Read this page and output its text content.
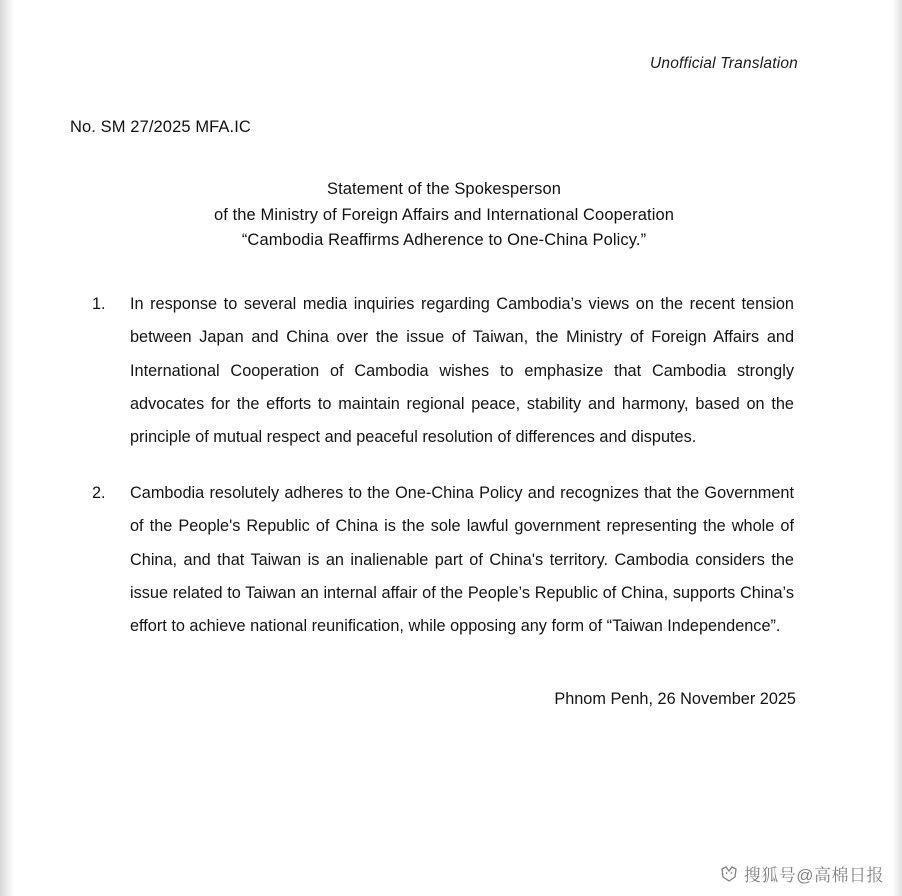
Unofficial Translation
No. SM 27/2025 MFA.IC
Statement of the Spokesperson
of the Ministry of Foreign Affairs and International Cooperation
“Cambodia Reaffirms Adherence to One-China Policy.”
1. In response to several media inquiries regarding Cambodia’s views on the recent tension between Japan and China over the issue of Taiwan, the Ministry of Foreign Affairs and International Cooperation of Cambodia wishes to emphasize that Cambodia strongly advocates for the efforts to maintain regional peace, stability and harmony, based on the principle of mutual respect and peaceful resolution of differences and disputes.
2. Cambodia resolutely adheres to the One-China Policy and recognizes that the Government of the People's Republic of China is the sole lawful government representing the whole of China, and that Taiwan is an inalienable part of China's territory. Cambodia considers the issue related to Taiwan an internal affair of the People’s Republic of China, supports China’s effort to achieve national reunification, while opposing any form of “Taiwan Independence”.
Phnom Penh, 26 November 2025
搜狐号@高棉日报
